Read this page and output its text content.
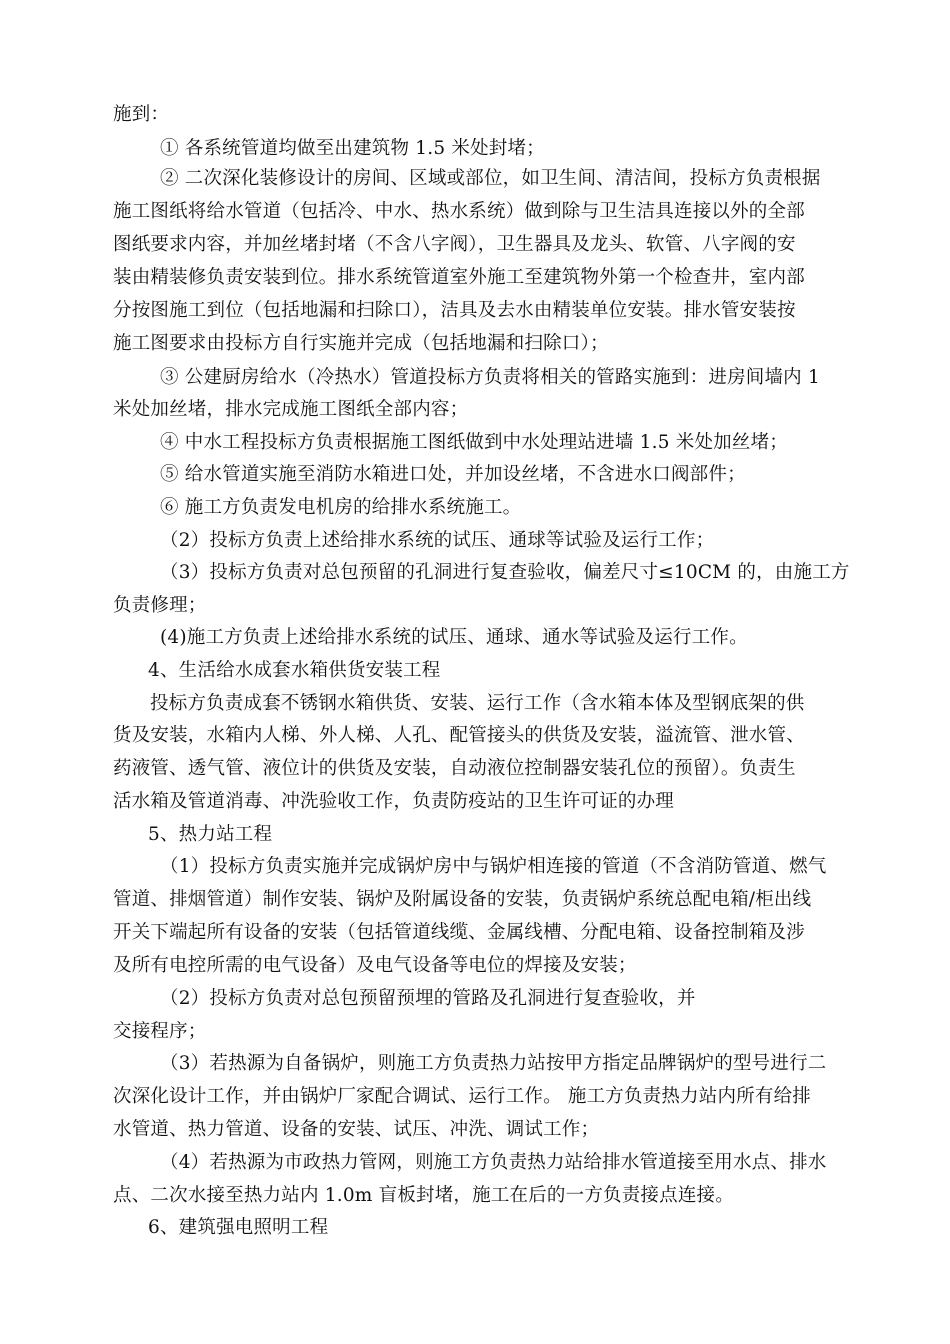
施到：
① 各系统管道均做至出建筑物 1.5 米处封堵；
② 二次深化装修设计的房间、区域或部位，如卫生间、清洁间，投标方负责根据
施工图纸将给水管道（包括冷、中水、热水系统）做到除与卫生洁具连接以外的全部
图纸要求内容，并加丝堵封堵（不含八字阀），卫生器具及龙头、软管、八字阀的安
装由精装修负责安装到位。排水系统管道室外施工至建筑物外第一个检查井，室内部
分按图施工到位（包括地漏和扫除口），洁具及去水由精装单位安装。排水管安装按
施工图要求由投标方自行实施并完成（包括地漏和扫除口）；
③ 公建厨房给水（冷热水）管道投标方负责将相关的管路实施到：进房间墙内 1
米处加丝堵，排水完成施工图纸全部内容；
④ 中水工程投标方负责根据施工图纸做到中水处理站进墙 1.5 米处加丝堵；
⑤ 给水管道实施至消防水箱进口处，并加设丝堵，不含进水口阀部件；
⑥ 施工方负责发电机房的给排水系统施工。
（2）投标方负责上述给排水系统的试压、通球等试验及运行工作；
（3）投标方负责对总包预留的孔洞进行复查验收，偏差尺寸≤10CM 的，由施工方
负责修理；
(4)施工方负责上述给排水系统的试压、通球、通水等试验及运行工作。
4、生活给水成套水箱供货安装工程
投标方负责成套不锈钢水箱供货、安装、运行工作（含水箱本体及型钢底架的供
货及安装，水箱内人梯、外人梯、人孔、配管接头的供货及安装，溢流管、泄水管、
药液管、透气管、液位计的供货及安装，自动液位控制器安装孔位的预留）。负责生
活水箱及管道消毒、冲洗验收工作，负责防疫站的卫生许可证的办理
5、热力站工程
（1）投标方负责实施并完成锅炉房中与锅炉相连接的管道（不含消防管道、燃气
管道、排烟管道）制作安装、锅炉及附属设备的安装，负责锅炉系统总配电箱/柜出线
开关下端起所有设备的安装（包括管道线缆、金属线槽、分配电箱、设备控制箱及涉
及所有电控所需的电气设备）及电气设备等电位的焊接及安装；
（2）投标方负责对总包预留预埋的管路及孔洞进行复查验收，并
交接程序；
（3）若热源为自备锅炉，则施工方负责热力站按甲方指定品牌锅炉的型号进行二
次深化设计工作，并由锅炉厂家配合调试、运行工作。 施工方负责热力站内所有给排
水管道、热力管道、设备的安装、试压、冲洗、调试工作；
（4）若热源为市政热力管网，则施工方负责热力站给排水管道接至用水点、排水
点、二次水接至热力站内 1.0m 盲板封堵，施工在后的一方负责接点连接。
6、建筑强电照明工程
